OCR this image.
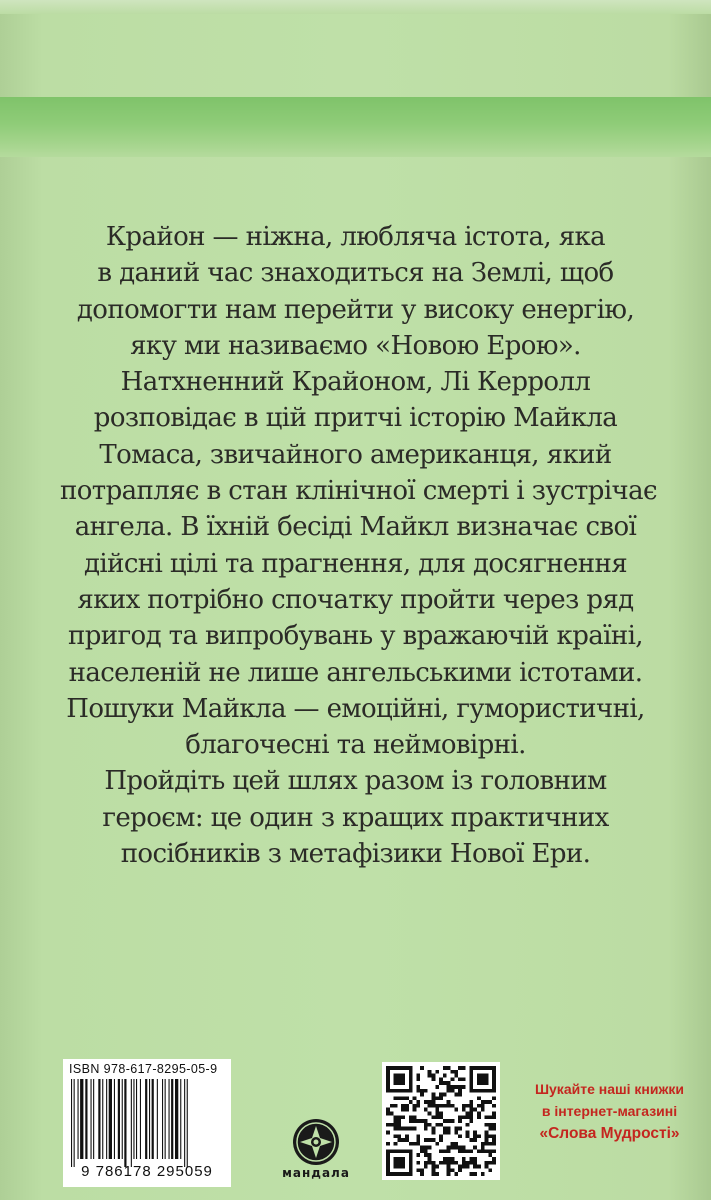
Крайон — ніжна, любляча істота, яка
в даний час знаходиться на Землі, щоб
допомогти нам перейти у високу енергію,
яку ми називаємо «Новою Ерою».
Натхненний Крайоном, Лі Керролл
розповідає в цій притчі історію Майкла
Томаса, звичайного американця, який
потрапляє в стан клінічної смерті і зустрічає
ангела. В їхній бесіді Майкл визначає свої
дійсні цілі та прагнення, для досягнення
яких потрібно спочатку пройти через ряд
пригод та випробувань у вражаючій країні,
населеній не лише ангельськими істотами.
Пошуки Майкла — емоційні, гумористичні,
благочесні та неймовірні.
Пройдіть цей шлях разом із головним
героєм: це один з кращих практичних
посібників з метафізики Нової Ери.
ISBN 978-617-8295-05-9
9 786178 295059	мандала
Шукайте наші книжки
в інтернет-магазині
«Слова Мудрості»
